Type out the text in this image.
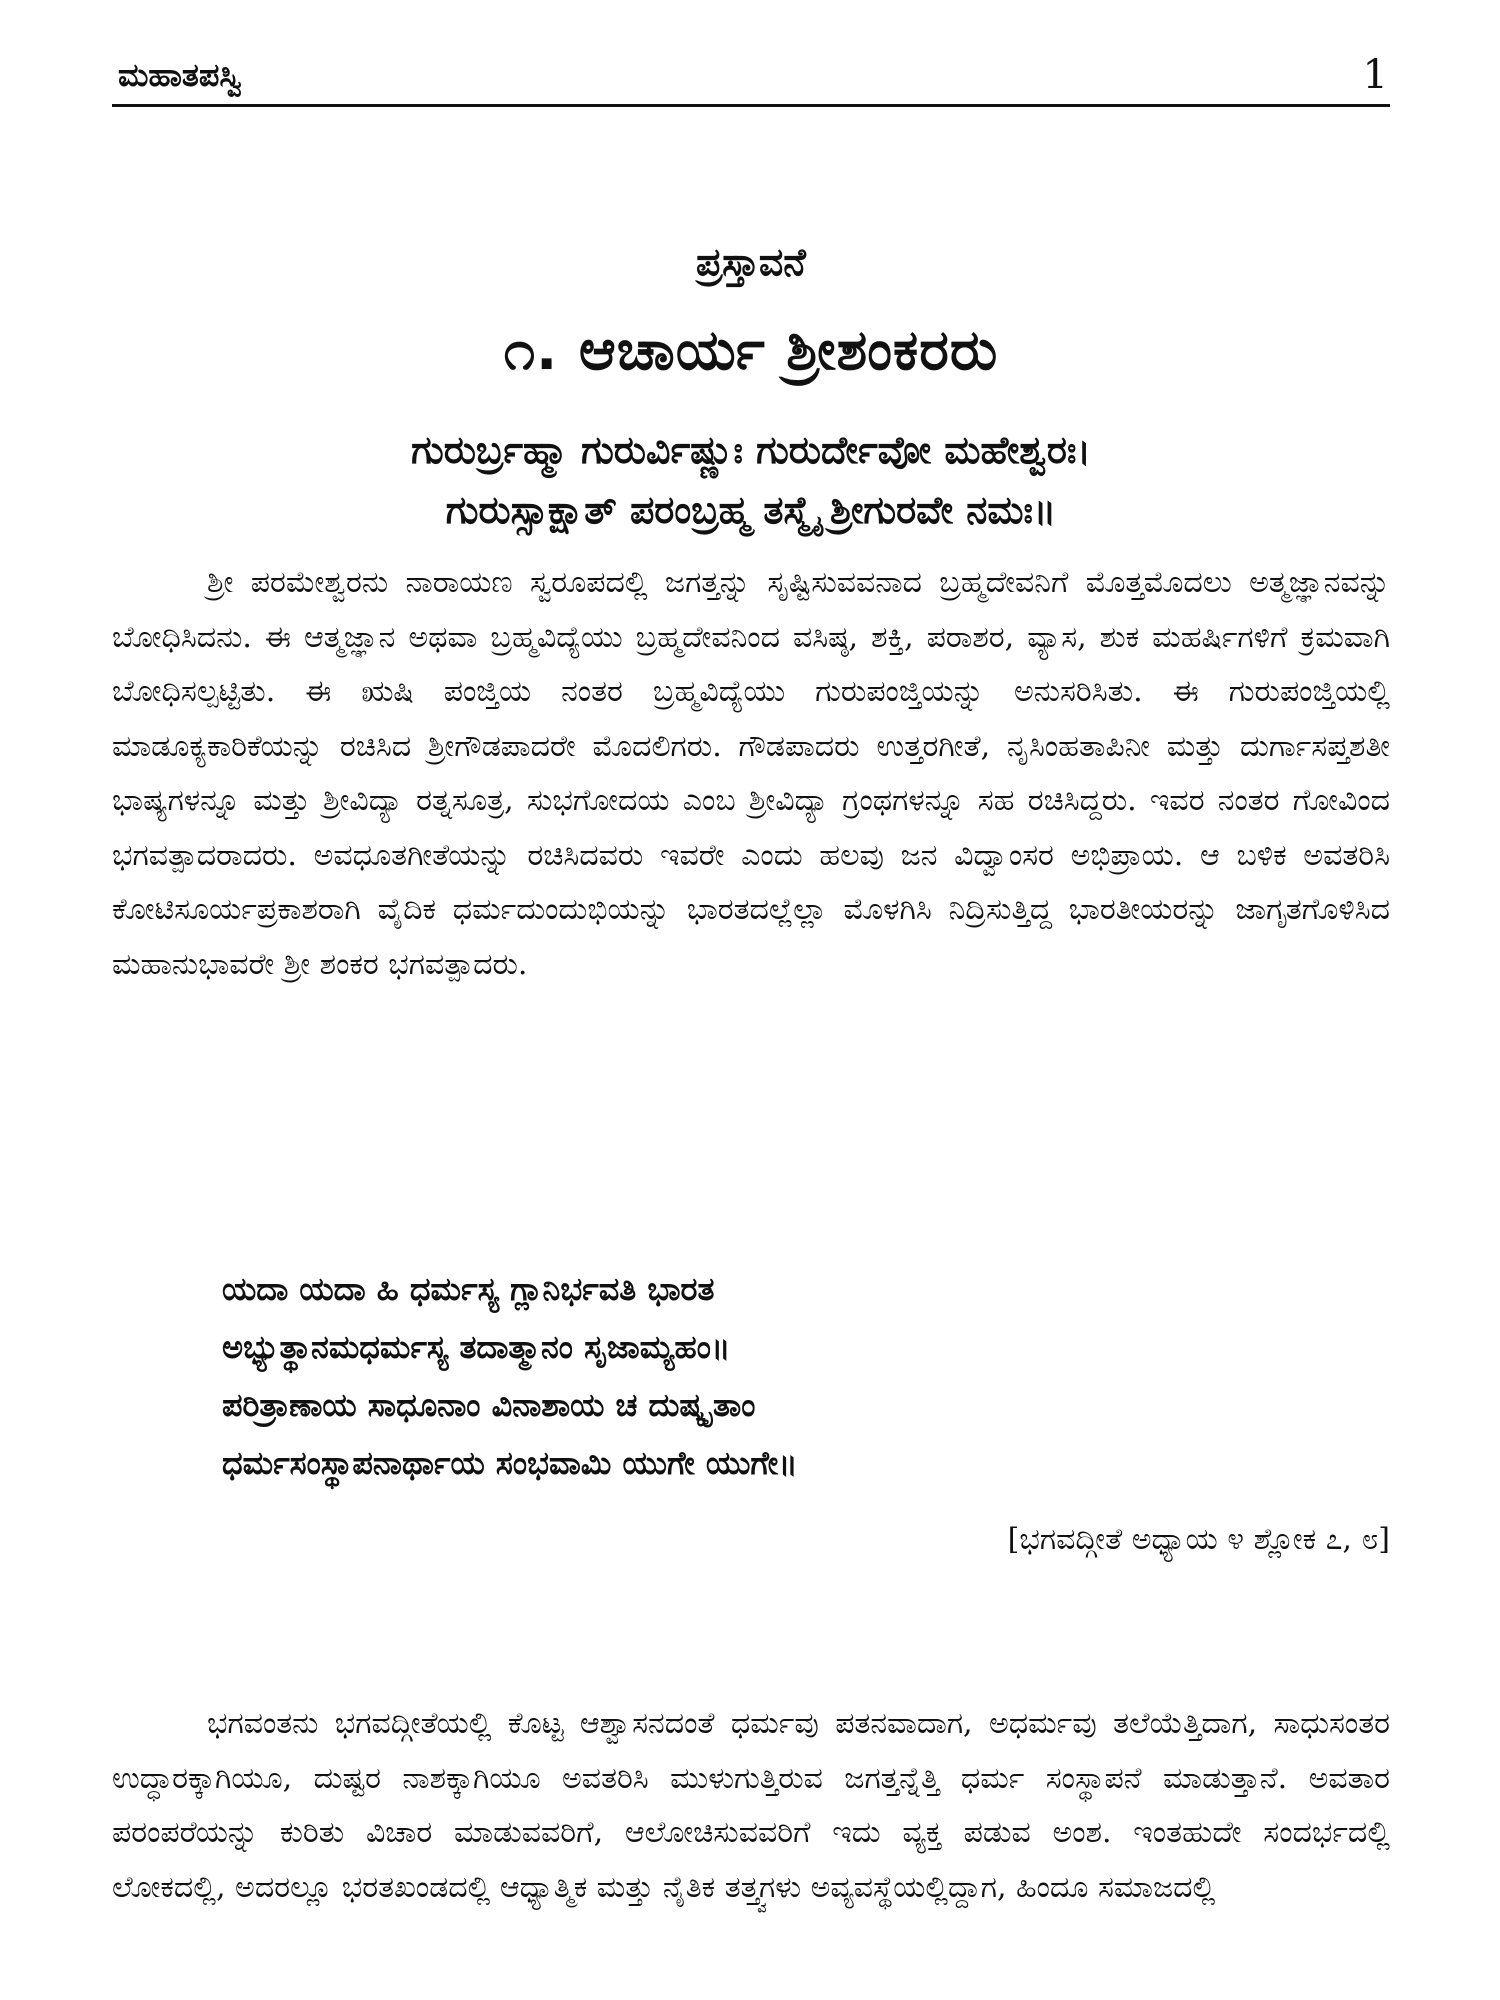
ಮಹಾತಪಸ್ವಿ	1
ಪ್ರಸ್ತಾವನೆ
೧. ಆಚಾರ್ಯ ಶ್ರೀಶಂಕರರು
ಗುರುರ್ಬ್ರಹ್ಮಾ ಗುರುರ್ವಿಷ್ಣುಃ ಗುರುರ್ದೇವೋ ಮಹೇಶ್ವರಃ।
ಗುರುಸ್ಸಾಕ್ಷಾತ್ ಪರಂಬ್ರಹ್ಮ ತಸ್ಮೈ ಶ್ರೀಗುರವೇ ನಮಃ॥
ಶ್ರೀ ಪರಮೇಶ್ವರನು ನಾರಾಯಣ ಸ್ವರೂಪದಲ್ಲಿ ಜಗತ್ತನ್ನು ಸೃಷ್ಟಿಸುವವನಾದ ಬ್ರಹ್ಮದೇವನಿಗೆ ಮೊತ್ತಮೊದಲು ಅತ್ಮಜ್ಞಾನವನ್ನು ಬೋಧಿಸಿದನು. ಈ ಆತ್ಮಜ್ಞಾನ ಅಥವಾ ಬ್ರಹ್ಮವಿದ್ಯೆಯು ಬ್ರಹ್ಮದೇವನಿಂದ ವಸಿಷ್ಠ, ಶಕ್ತಿ, ಪರಾಶರ, ವ್ಯಾಸ, ಶುಕ ಮಹರ್ಷಿಗಳಿಗೆ ಕ್ರಮವಾಗಿ ಬೋಧಿಸಲ್ಪಟ್ಟಿತು. ಈ ಋಷಿ ಪಂಜ್ತಿಯ ನಂತರ ಬ್ರಹ್ಮವಿದ್ಯೆಯು ಗುರುಪಂಜ್ತಿಯನ್ನು ಅನುಸರಿಸಿತು. ಈ ಗುರುಪಂಜ್ತಿಯಲ್ಲಿ ಮಾಡೂಕ್ಯಕಾರಿಕೆಯನ್ನು ರಚಿಸಿದ ಶ್ರೀಗೌಡಪಾದರೇ ಮೊದಲಿಗರು. ಗೌಡಪಾದರು ಉತ್ತರಗೀತೆ, ನೃಸಿಂಹತಾಪಿನೀ ಮತ್ತು ದುರ್ಗಾಸಪ್ತಶತೀ ಭಾಷ್ಯಗಳನ್ನೂ ಮತ್ತು ಶ್ರೀವಿದ್ಯಾ ರತ್ನಸೂತ್ರ, ಸುಭಗೋದಯ ಎಂಬ ಶ್ರೀವಿದ್ಯಾ ಗ್ರಂಥಗಳನ್ನೂ ಸಹ ರಚಿಸಿದ್ದರು. ಇವರ ನಂತರ ಗೋವಿಂದ ಭಗವತ್ಪಾದರಾದರು. ಅವಧೂತಗೀತೆಯನ್ನು ರಚಿಸಿದವರು ಇವರೇ ಎಂದು ಹಲವು ಜನ ವಿದ್ವಾಂಸರ ಅಭಿಪ್ರಾಯ. ಆ ಬಳಿಕ ಅವತರಿಸಿ ಕೋಟಿಸೂರ್ಯಪ್ರಕಾಶರಾಗಿ ವೈದಿಕ ಧರ್ಮದುಂದುಭಿಯನ್ನು ಭಾರತದಲ್ಲೆಲ್ಲಾ ಮೊಳಗಿಸಿ ನಿದ್ರಿಸುತ್ತಿದ್ದ ಭಾರತೀಯರನ್ನು ಜಾಗೃತಗೊಳಿಸಿದ ಮಹಾನುಭಾವರೇ ಶ್ರೀ ಶಂಕರ ಭಗವತ್ಪಾದರು.
ಯದಾ ಯದಾ ಹಿ ಧರ್ಮಸ್ಯ ಗ್ಲಾನಿರ್ಭವತಿ ಭಾರತ
ಅಭ್ಯುತ್ಥಾನಮಧರ್ಮಸ್ಯ ತದಾತ್ಮಾನಂ ಸೃಜಾಮ್ಯಹಂ॥
ಪರಿತ್ರಾಣಾಯ ಸಾಧೂನಾಂ ವಿನಾಶಾಯ ಚ ದುಷ್ಕೃತಾಂ
ಧರ್ಮಸಂಸ್ಥಾಪನಾರ್ಥಾಯ ಸಂಭವಾಮಿ ಯುಗೇ ಯುಗೇ॥
[ಭಗವದ್ಗೀತೆ ಅಧ್ಯಾಯ ೪ ಶ್ಲೋಕ ೭, ೮]
ಭಗವಂತನು ಭಗವದ್ಗೀತೆಯಲ್ಲಿ ಕೊಟ್ಟ ಆಶ್ವಾಸನದಂತೆ ಧರ್ಮವು ಪತನವಾದಾಗ, ಅಧರ್ಮವು ತಲೆಯೆತ್ತಿದಾಗ, ಸಾಧುಸಂತರ ಉದ್ಧಾರಕ್ಕಾಗಿಯೂ, ದುಷ್ಟರ ನಾಶಕ್ಕಾಗಿಯೂ ಅವತರಿಸಿ ಮುಳುಗುತ್ತಿರುವ ಜಗತ್ತನ್ನೆತ್ತಿ ಧರ್ಮ ಸಂಸ್ಥಾಪನೆ ಮಾಡುತ್ತಾನೆ. ಅವತಾರ ಪರಂಪರೆಯನ್ನು ಕುರಿತು ವಿಚಾರ ಮಾಡುವವರಿಗೆ, ಆಲೋಚಿಸುವವರಿಗೆ ಇದು ವ್ಯಕ್ತ ಪಡುವ ಅಂಶ. ಇಂತಹುದೇ ಸಂದರ್ಭದಲ್ಲಿ ಲೋಕದಲ್ಲಿ, ಅದರಲ್ಲೂ ಭರತಖಂಡದಲ್ಲಿ ಆಧ್ಯಾತ್ಮಿಕ ಮತ್ತು ನೈತಿಕ ತತ್ತ್ವಗಳು ಅವ್ಯವಸ್ಥೆಯಲ್ಲಿದ್ದಾಗ, ಹಿಂದೂ ಸಮಾಜದಲ್ಲಿ
